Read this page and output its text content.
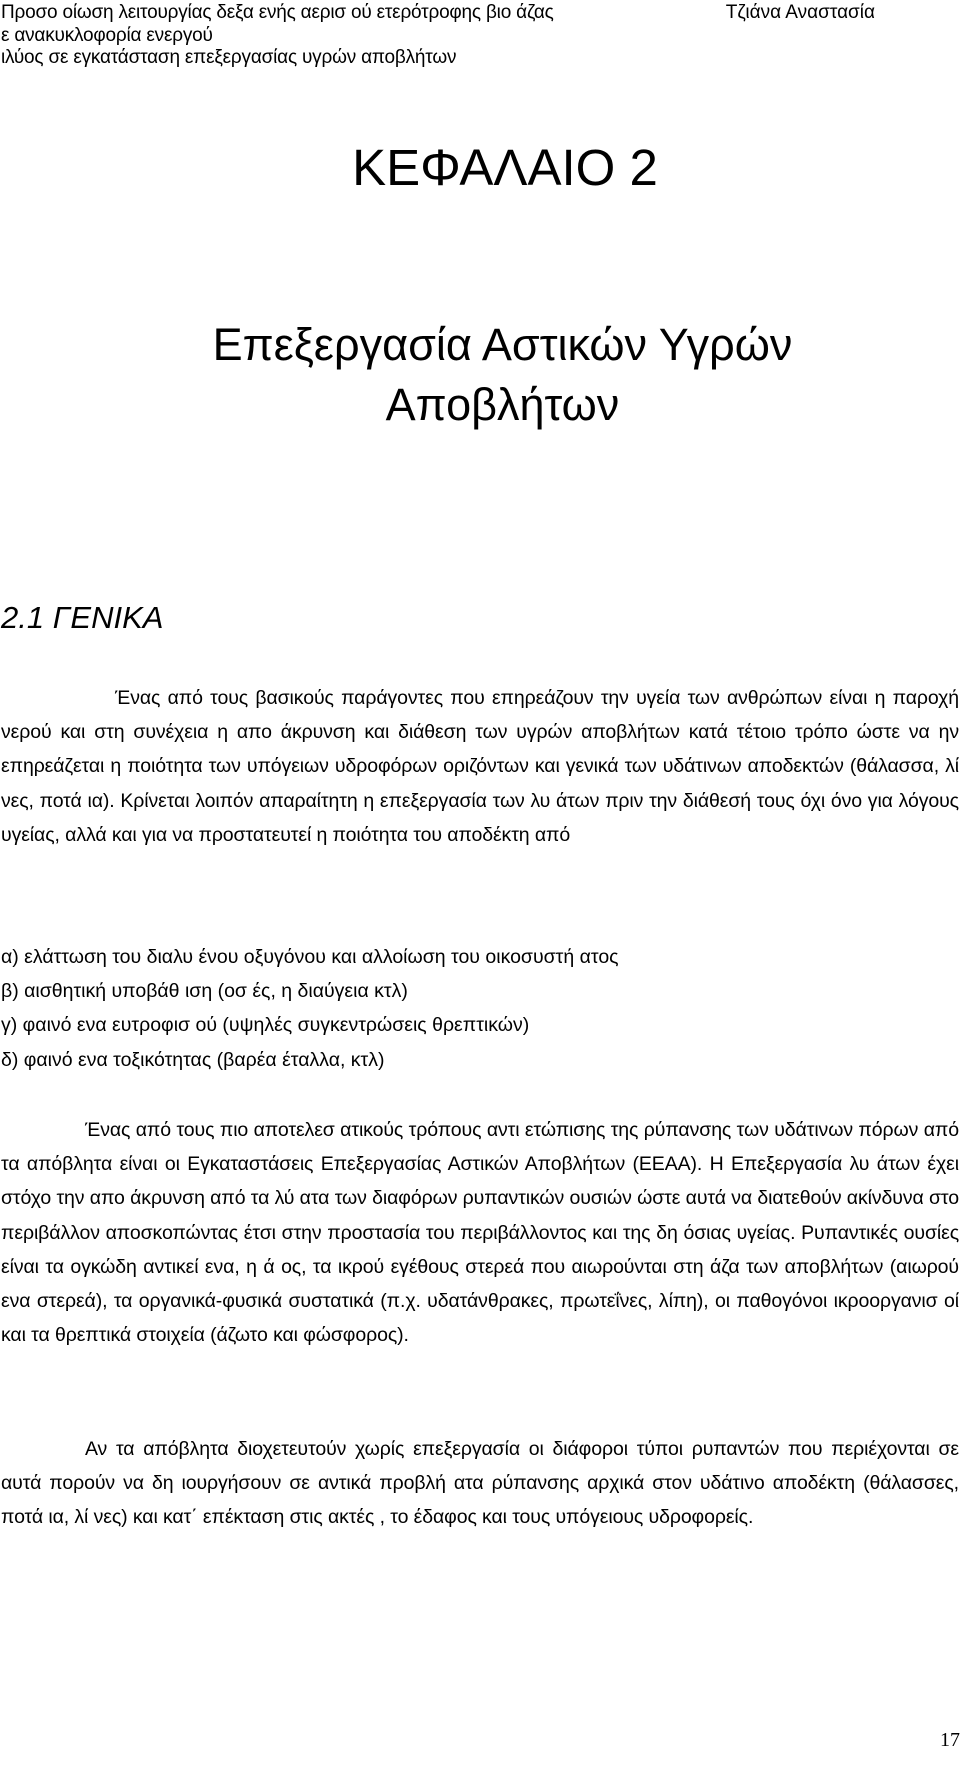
Προσο οίωση λειτουργίας δεξα ενής αερισ ού ετερότροφης βιο άζας
ε ανακυκλοφορία ενεργού
ιλύος σε εγκατάσταση επεξεργασίας υγρών αποβλήτων
Τζιάνα Αναστασία
ΚΕΦΑΛΑΙΟ 2
Επεξεργασία Αστικών Υγρών
Αποβλήτων
2.1 ΓΕΝΙΚΑ

Ένας από τους βασικούς παράγοντες που επηρεάζουν την υγεία των ανθρώπων είναι η παροχή νερού και στη συνέχεια η απο άκρυνση και διάθεση των υγρών αποβλήτων κατά τέτοιο τρόπο ώστε να ην επηρεάζεται η ποιότητα των υπόγειων υδροφόρων οριζόντων και γενικά των υδάτινων αποδεκτών (θάλασσα, λί νες, ποτά ια). Κρίνεται λοιπόν απαραίτητη η επεξεργασία των λυ άτων πριν την διάθεσή τους όχι όνο για λόγους υγείας, αλλά και για να προστατευτεί η ποιότητα του αποδέκτη από

α) ελάττωση του διαλυ ένου οξυγόνου και αλλοίωση του οικοσυστή ατος
β) αισθητική υποβάθ ιση (οσ ές, η διαύγεια κτλ)
γ) φαινό ενα ευτροφισ ού (υψηλές συγκεντρώσεις θρεπτικών)
δ) φαινό ενα τοξικότητας (βαρέα έταλλα, κτλ)

Ένας από τους πιο αποτελεσ ατικούς τρόπους αντι ετώπισης της ρύπανσης των υδάτινων πόρων από τα απόβλητα είναι οι Εγκαταστάσεις Επεξεργασίας Αστικών Αποβλήτων (ΕΕΑΑ). Η Επεξεργασία λυ άτων έχει στόχο την απο άκρυνση από τα λύ ατα των διαφόρων ρυπαντικών ουσιών ώστε αυτά να διατεθούν ακίνδυνα στο περιβάλλον αποσκοπώντας έτσι στην προστασία του περιβάλλοντος και της δη όσιας υγείας. Ρυπαντικές ουσίες είναι τα ογκώδη αντικεί ενα, η ά ος, τα ικρού εγέθους στερεά που αιωρούνται στη άζα των αποβλήτων (αιωρού ενα στερεά), τα οργανικά-φυσικά συστατικά (π.χ. υδατάνθρακες, πρωτεΐνες, λίπη), οι παθογόνοι ικροοργανισ οί και τα θρεπτικά στοιχεία (άζωτο και φώσφορος).

Αν τα απόβλητα διοχετευτούν χωρίς επεξεργασία οι διάφοροι τύποι ρυπαντών που περιέχονται σε αυτά πορούν να δη ιουργήσουν σε αντικά προβλή ατα ρύπανσης αρχικά στον υδάτινο αποδέκτη (θάλασσες, ποτά ια, λί νες) και κατ΄ επέκταση στις ακτές , το έδαφος και τους υπόγειους υδροφορείς.

17
